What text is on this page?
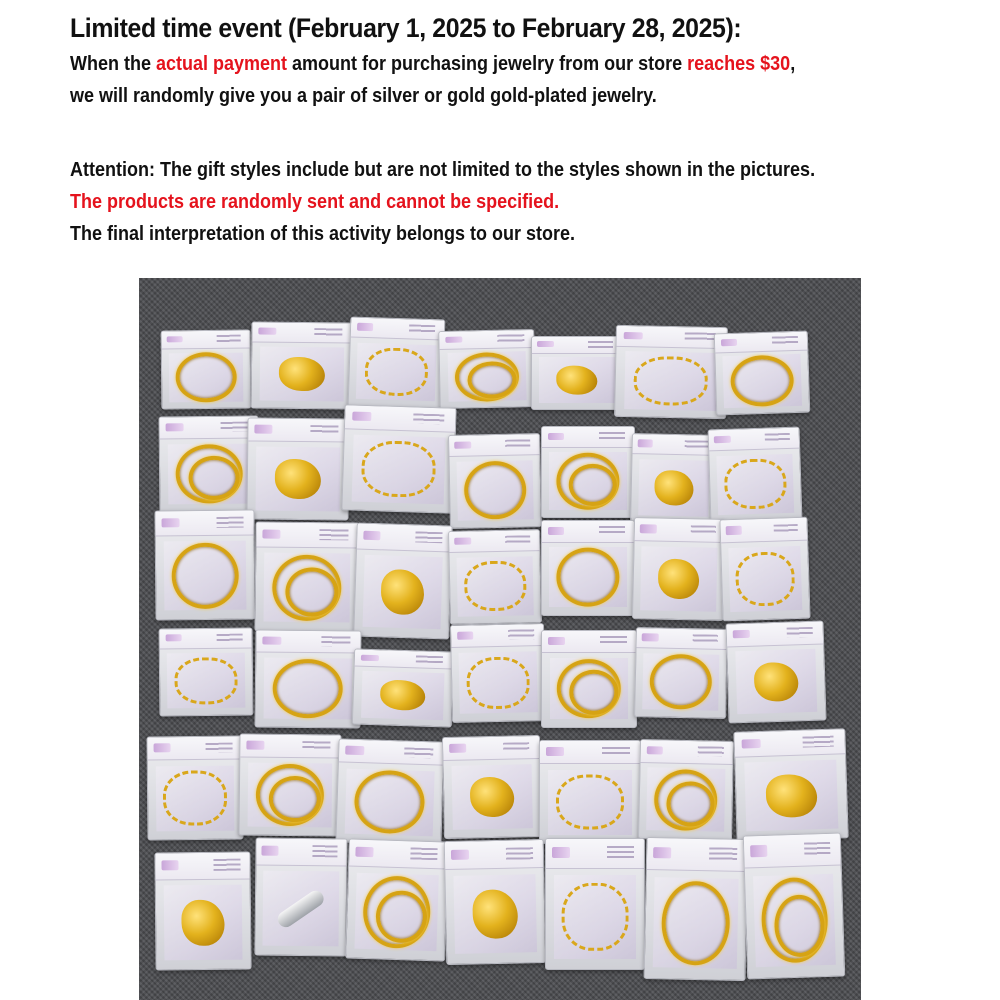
Limited time event (February 1, 2025 to February 28, 2025):
When the actual payment amount for purchasing jewelry from our store reaches $30,
we will randomly give you a pair of silver or gold gold-plated jewelry.
Attention: The gift styles include but are not limited to the styles shown in the pictures.
The products are randomly sent and cannot be specified.
The final interpretation of this activity belongs to our store.
